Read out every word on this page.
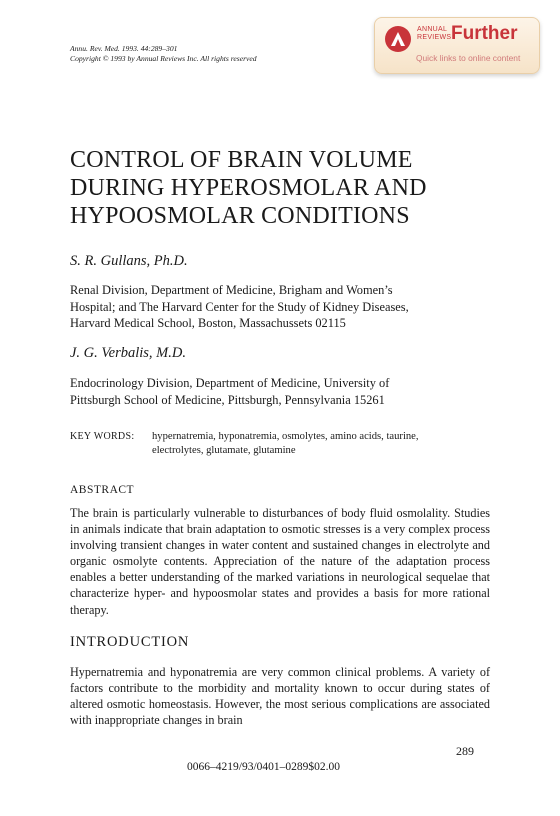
Annu. Rev. Med. 1993. 44:289–301
Copyright © 1993 by Annual Reviews Inc. All rights reserved
ANNUAL
REVIEWS Further
Quick links to online content
CONTROL OF BRAIN VOLUME
DURING HYPEROSMOLAR AND
HYPOOSMOLAR CONDITIONS
S. R. Gullans, Ph.D.
Renal Division, Department of Medicine, Brigham and Women’s
Hospital; and The Harvard Center for the Study of Kidney Diseases,
Harvard Medical School, Boston, Massachussets 02115
J. G. Verbalis, M.D.
Endocrinology Division, Department of Medicine, University of
Pittsburgh School of Medicine, Pittsburgh, Pennsylvania 15261
KEY WORDS: hypernatremia, hyponatremia, osmolytes, amino acids, taurine,
electrolytes, glutamate, glutamine
ABSTRACT
The brain is particularly vulnerable to disturbances of body fluid osmolality. Studies in animals indicate that brain adaptation to osmotic stresses is a very complex process involving transient changes in water content and sustained changes in electrolyte and organic osmolyte contents. Appreciation of the nature of the adaptation process enables a better understanding of the marked variations in neurological sequelae that characterize hyper- and hypoosmolar states and provides a basis for more rational therapy.
INTRODUCTION
Hypernatremia and hyponatremia are very common clinical problems. A variety of factors contribute to the morbidity and mortality known to occur during states of altered osmotic homeostasis. However, the most serious complications are associated with inappropriate changes in brain
289
0066–4219/93/0401–0289$02.00
